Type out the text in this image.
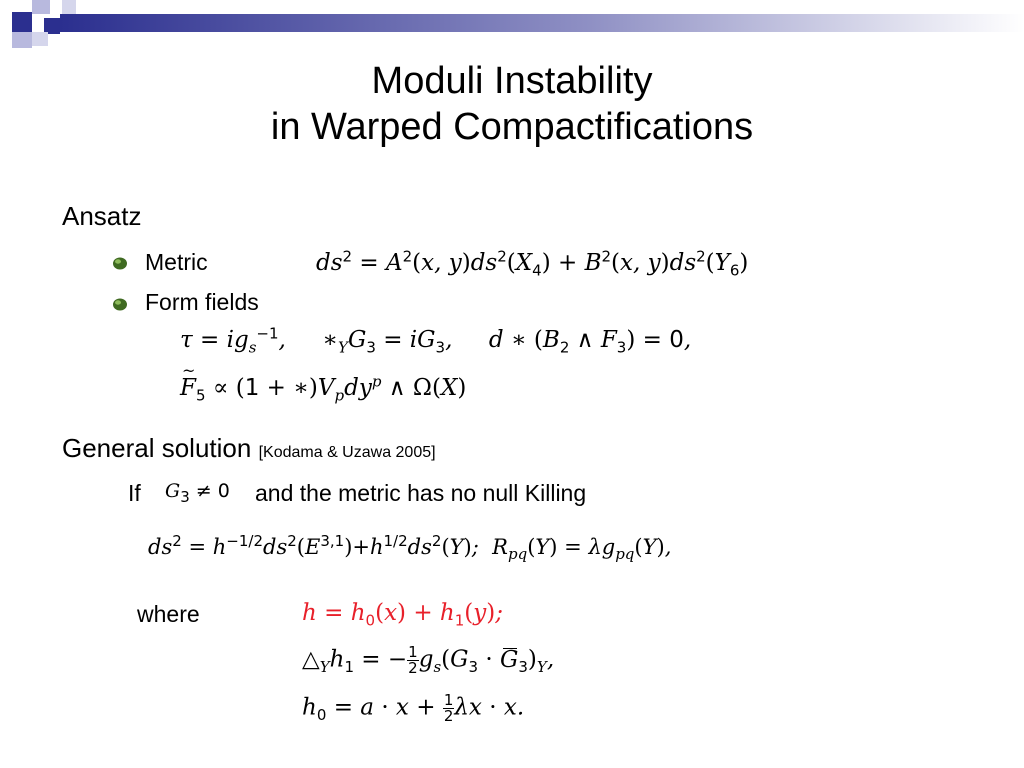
Moduli Instability
in Warped Compactifications
Ansatz
Metric	$ds^2 = A^2(x$, $y)ds^2(X_4) + B^2(x$, $y)ds^2(Y_6)$
Form fields
$\tau = ig_s^{-1}$,     $∗_YG_3 = iG_3$,     d ∗ ($B_2$ ∧ $F_3) = 0$,
~ $F_5 \propto (1$ + $∗)V_pdy^p$ ∧ Ω(X)
General solution [Kodama & Uzawa 2005]
If $G_3 \ne 0$ and the metric has no null Killing
$ds^2 = h^{-1/2}ds^2(E^{3,1})+h^{1/2}ds^2(Y)$;  $R_{pq}(Y) = \lambda g_{pq}(Y)$,
where	$h = h_0(x) + h_1(y)$;
$\triangle_Yh_1$ = − $\frac{1}{2} g_s(G_3 \cdot G_3)_Y$,
$h_0 = a \cdot x + \frac{1}{2}$ λx · x.
